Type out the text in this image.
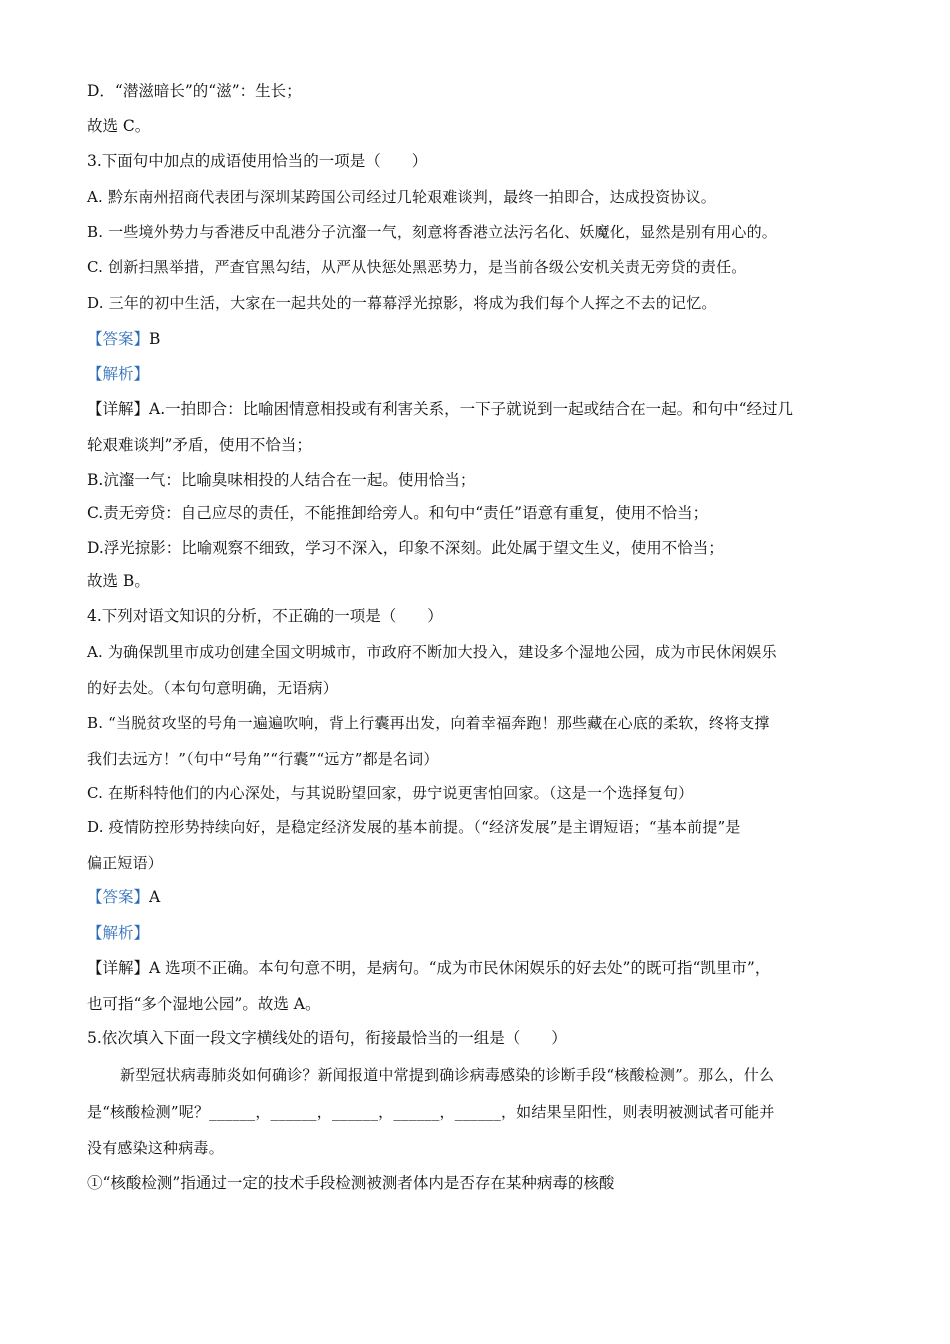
D．“潜滋暗长”的“滋”：生长；
故选 C。
3.下面句中加点的成语使用恰当的一项是（　　）
A. 黔东南州招商代表团与深圳某跨国公司经过几轮艰难谈判，最终一拍即合，达成投资协议。
B. 一些境外势力与香港反中乱港分子沆瀣一气，刻意将香港立法污名化、妖魔化，显然是别有用心的。
C. 创新扫黑举措，严查官黑勾结，从严从快惩处黑恶势力，是当前各级公安机关责无旁贷的责任。
D. 三年的初中生活，大家在一起共处的一幕幕浮光掠影，将成为我们每个人挥之不去的记忆。
【答案】B
【解析】
【详解】A.一拍即合：比喻困情意相投或有利害关系，一下子就说到一起或结合在一起。和句中“经过几
轮艰难谈判”矛盾，使用不恰当；
B.沆瀣一气：比喻臭味相投的人结合在一起。使用恰当；
C.责无旁贷：自己应尽的责任，不能推卸给旁人。和句中“责任”语意有重复，使用不恰当；
D.浮光掠影：比喻观察不细致，学习不深入，印象不深刻。此处属于望文生义，使用不恰当；
故选 B。
4.下列对语文知识的分析，不正确的一项是（　　）
A. 为确保凯里市成功创建全国文明城市，市政府不断加大投入，建设多个湿地公园，成为市民休闲娱乐
的好去处。（本句句意明确，无语病）
B. “当脱贫攻坚的号角一遍遍吹响，背上行囊再出发，向着幸福奔跑！那些藏在心底的柔软，终将支撑
我们去远方！”（句中“号角”“行囊”“远方”都是名词）
C. 在斯科特他们的内心深处，与其说盼望回家，毋宁说更害怕回家。（这是一个选择复句）
D. 疫情防控形势持续向好，是稳定经济发展的基本前提。（“经济发展”是主谓短语；“基本前提”是
偏正短语）
【答案】A
【解析】
【详解】A 选项不正确。本句句意不明，是病句。“成为市民休闲娱乐的好去处”的既可指“凯里市”，
也可指“多个湿地公园”。故选 A。
5.依次填入下面一段文字横线处的语句，衔接最恰当的一组是（　　）
新型冠状病毒肺炎如何确诊？新闻报道中常提到确诊病毒感染的诊断手段“核酸检测”。那么，什么
是“核酸检测”呢？______，______，______，______，______，如结果呈阳性，则表明被测试者可能并
没有感染这种病毒。
①“核酸检测”指通过一定的技术手段检测被测者体内是否存在某种病毒的核酸
